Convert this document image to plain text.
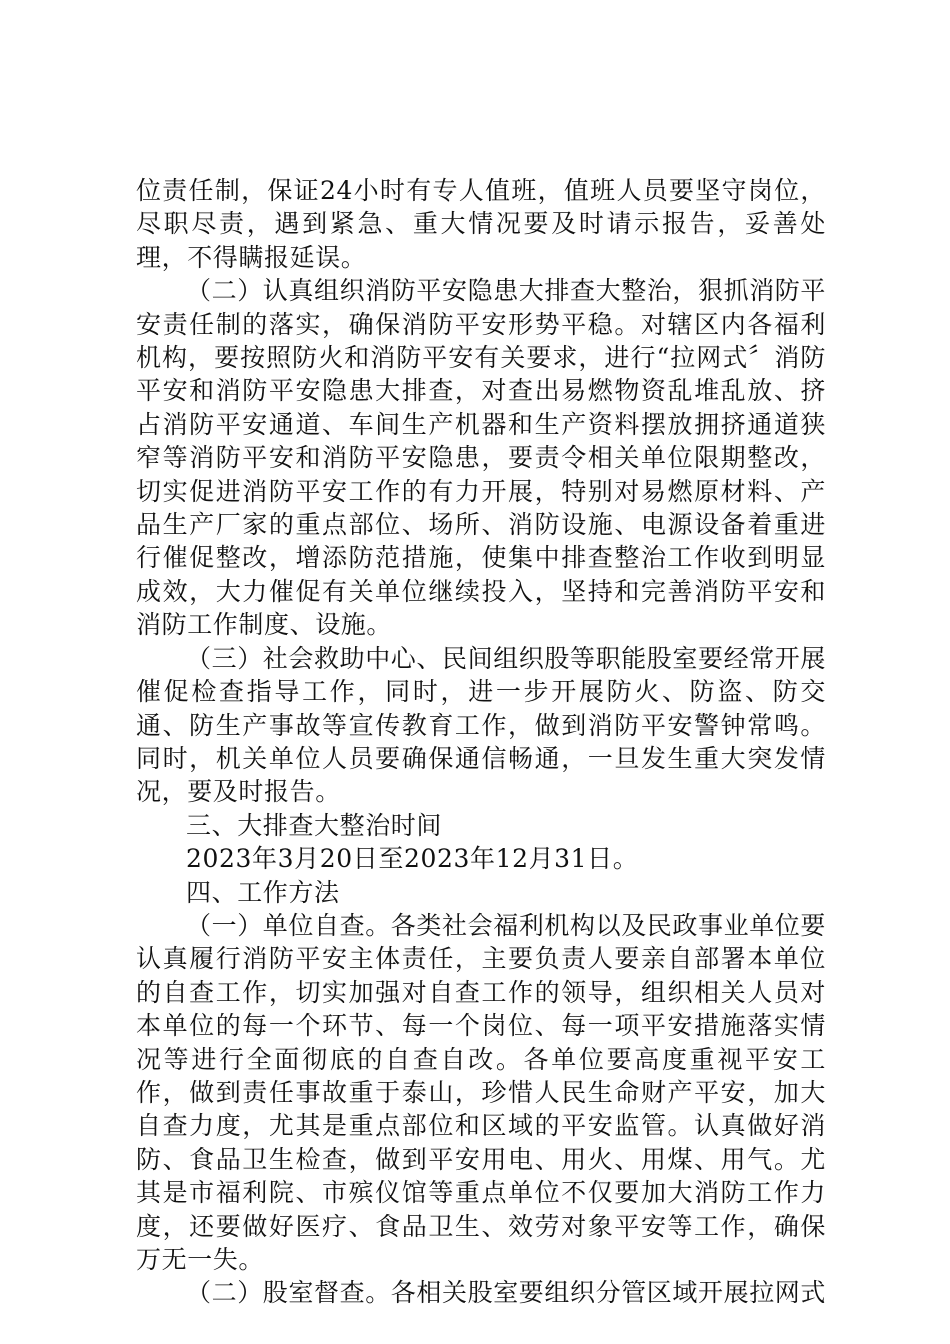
位责任制，保证24小时有专人值班，值班人员要坚守岗位，尽职尽责，遇到紧急、重大情况要及时请示报告，妥善处理，不得瞒报延误。

（二）认真组织消防平安隐患大排查大整治，狠抓消防平安责任制的落实，确保消防平安形势平稳。对辖区内各福利机构，要按照防火和消防平安有关要求，进行“拉网式〞消防平安和消防平安隐患大排查，对查出易燃物资乱堆乱放、挤占消防平安通道、车间生产机器和生产资料摆放拥挤通道狭窄等消防平安和消防平安隐患，要责令相关单位限期整改，切实促进消防平安工作的有力开展，特别对易燃原材料、产品生产厂家的重点部位、场所、消防设施、电源设备着重进行催促整改，增添防范措施，使集中排查整治工作收到明显成效，大力催促有关单位继续投入，坚持和完善消防平安和消防工作制度、设施。

（三）社会救助中心、民间组织股等职能股室要经常开展催促检查指导工作，同时，进一步开展防火、防盗、防交通、防生产事故等宣传教育工作，做到消防平安警钟常鸣。同时，机关单位人员要确保通信畅通，一旦发生重大突发情况，要及时报告。

三、大排查大整治时间

2023年3月20日至2023年12月31日。

四、工作方法

（一）单位自查。各类社会福利机构以及民政事业单位要认真履行消防平安主体责任，主要负责人要亲自部署本单位的自查工作，切实加强对自查工作的领导，组织相关人员对本单位的每一个环节、每一个岗位、每一项平安措施落实情况等进行全面彻底的自查自改。各单位要高度重视平安工作，做到责任事故重于泰山，珍惜人民生命财产平安，加大自查力度，尤其是重点部位和区域的平安监管。认真做好消防、食品卫生检查，做到平安用电、用火、用煤、用气。尤其是市福利院、市殡仪馆等重点单位不仅要加大消防工作力度，还要做好医疗、食品卫生、效劳对象平安等工作，确保万无一失。

（二）股室督查。各相关股室要组织分管区域开展拉网式
